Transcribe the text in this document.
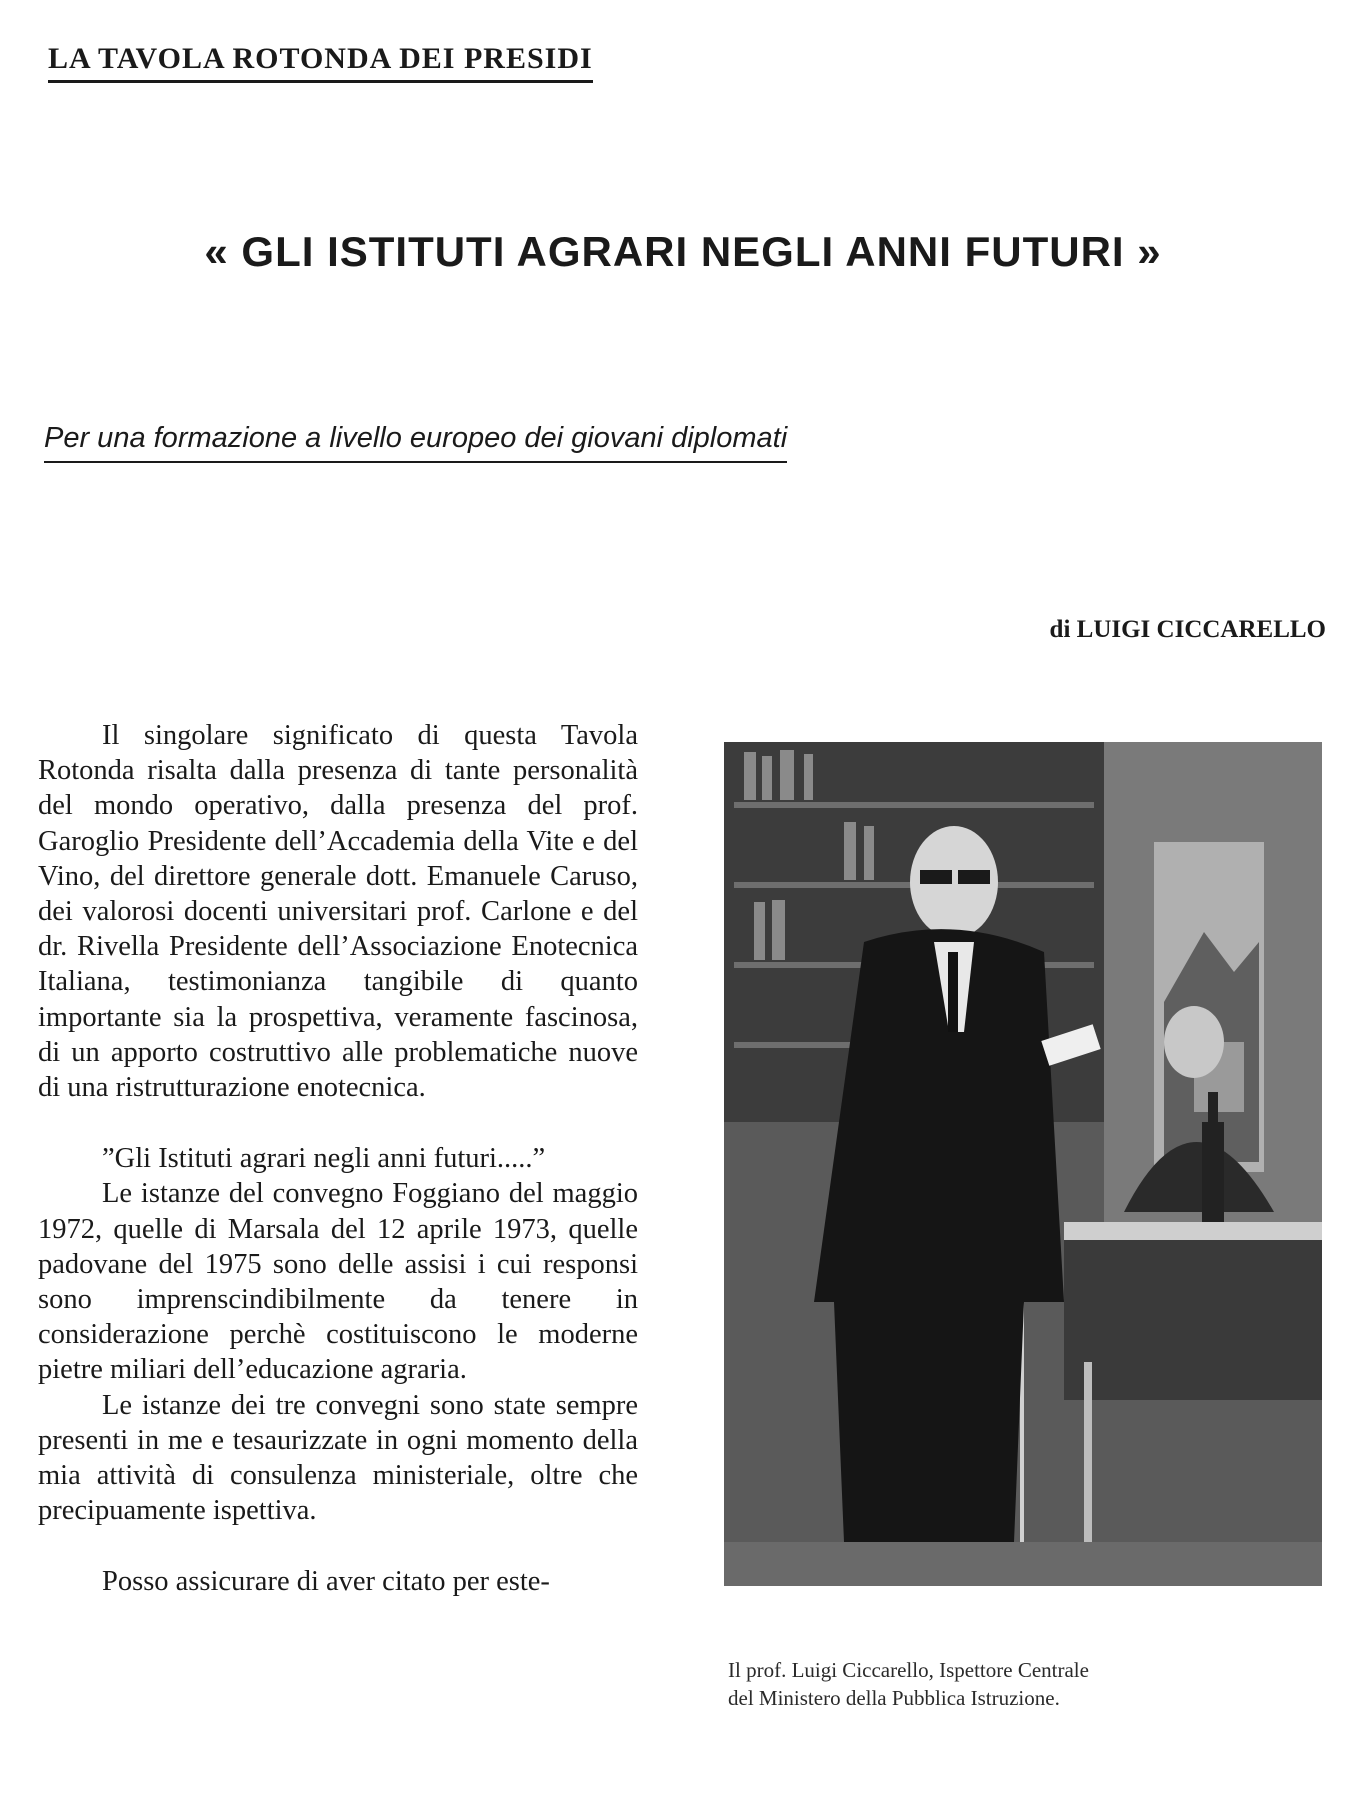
LA TAVOLA ROTONDA DEI PRESIDI
« GLI ISTITUTI AGRARI NEGLI ANNI FUTURI »
Per una formazione a livello europeo dei giovani diplomati
di LUIGI CICCARELLO

Il singolare significato di questa Tavola Rotonda risalta dalla presenza di tante personalità del mondo operativo, dalla presenza del prof. Garoglio Presidente dell’Accademia della Vite e del Vino, del direttore generale dott. Emanuele Caruso, dei valorosi docenti universitari prof. Carlone e del dr. Rivella Presidente dell’Associazione Enotecnica Italiana, testimonianza tangibile di quanto importante sia la prospettiva, veramente fascinosa, di un apporto costruttivo alle problematiche nuove di una ristrutturazione enotecnica.

”Gli Istituti agrari negli anni futuri.....”

Le istanze del convegno Foggiano del maggio 1972, quelle di Marsala del 12 aprile 1973, quelle padovane del 1975 sono delle assisi i cui responsi sono imprenscindibilmente da tenere in considerazione perchè costituiscono le moderne pietre miliari dell’educazione agraria.

Le istanze dei tre convegni sono state sempre presenti in me e tesaurizzate in ogni momento della mia attività di consulenza ministeriale, oltre che precipuamente ispettiva.

Posso assicurare di aver citato per este-

Il prof. Luigi Ciccarello, Ispettore Centrale
del Ministero della Pubblica Istruzione.
